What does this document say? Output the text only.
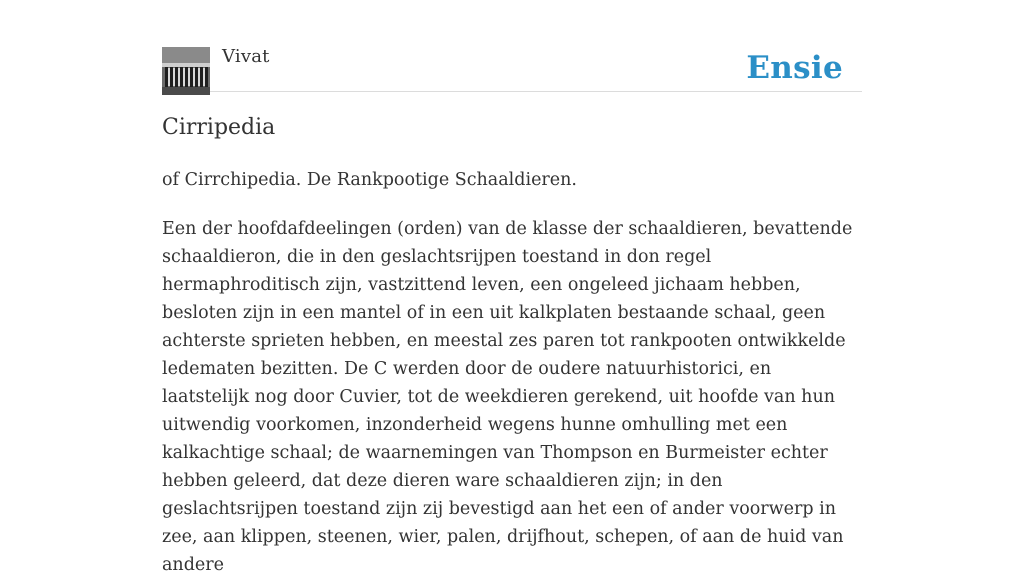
Vivat	Ensie
Cirripedia

of Cirrchipedia. De Rankpootige Schaaldieren.

Een der hoofdafdeelingen (orden) van de klasse der schaaldieren, bevattende schaaldieron, die in den geslachtsrijpen toestand in don regel hermaphroditisch zijn, vastzittend leven, een ongeleed jichaam hebben, besloten zijn in een mantel of in een uit kalkplaten bestaande schaal, geen achterste sprieten hebben, en meestal zes paren tot rankpooten ontwikkelde ledematen bezitten. De C werden door de oudere natuurhistorici, en laatstelijk nog door Cuvier, tot de weekdieren gerekend, uit hoofde van hun uitwendig voorkomen, inzonderheid wegens hunne omhulling met een kalkachtige schaal; de waarnemingen van Thompson en Burmeister echter hebben geleerd, dat deze dieren ware schaaldieren zijn; in den geslachtsrijpen toestand zijn zij bevestigd aan het een of ander voorwerp in zee, aan klippen, steenen, wier, palen, drijfhout, schepen, of aan de huid van andere
